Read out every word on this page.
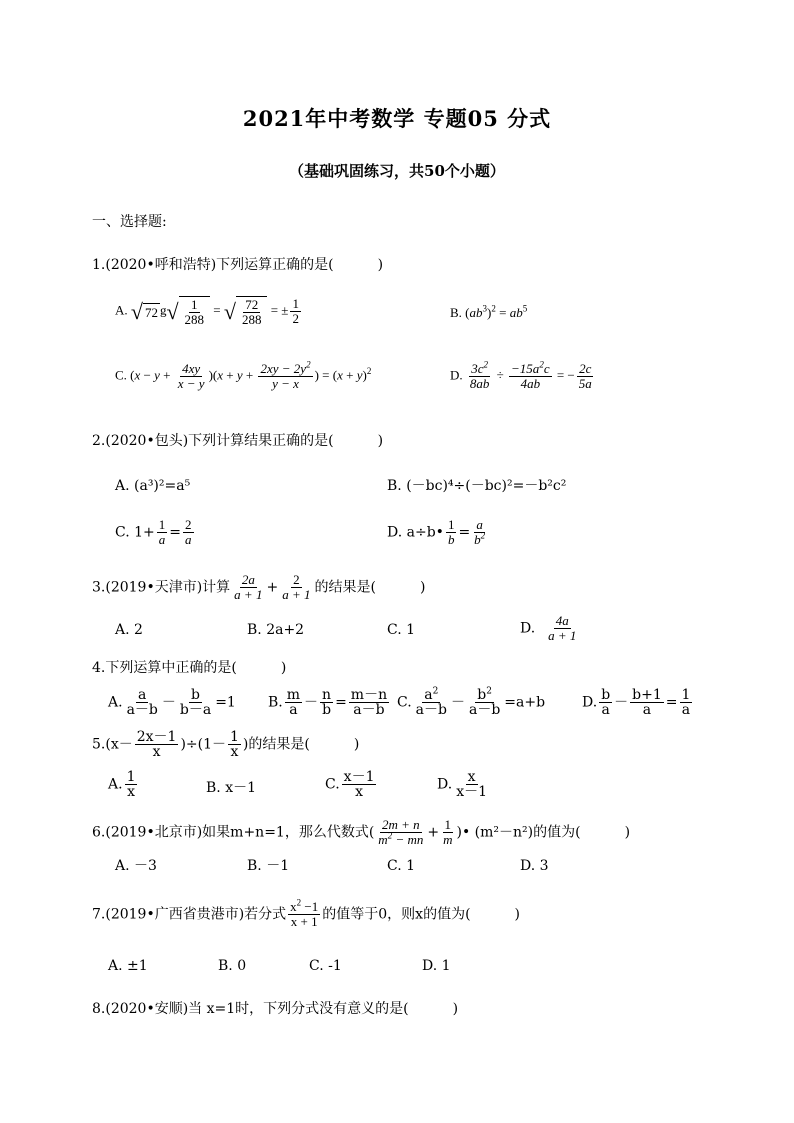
2021年中考数学 专题05 分式
（基础巩固练习，共50个小题）
一、选择题:
1.(2020•呼和浩特)下列运算正确的是(	)
A. √ 72 g √ $\frac{1}{288}$ = √ $\frac{72}{288}$ = ± $\frac{1}{2}$	B. $(ab^3)^2 = ab^5$
C. $(x - y + \frac{4xy}{x - y} )(x + y + \frac{2xy - 2y^2}{y - x}$ ) = $(x + y)^2$	D. $\frac{3c^2}{8ab} \div \frac{-15a^2c}{4ab}$ = − $\frac{2c}{5a}$
2.(2020•包头)下列计算结果正确的是(	)
A. (a³)²=a⁵	B. (－bc)⁴÷(－bc)²=－b²c²
C. $1+ \frac{1}{a} = \frac{2}{a}$	D. a÷b• $\frac{1}{b} = \frac{a}{b^2}$
3.(2019•天津市)计算 $\frac{2a}{a + 1} + \frac{2}{a + 1}$ 的结果是(	)
A. 2	B. 2a+2	C. 1	D. $\frac{4a}{a + 1}$
4.下列运算中正确的是(	)
A. $\frac{a}{a-b} - \frac{b}{b-a} =1$ B. $\frac{m}{a} - \frac{n}{b} = \frac{m-n}{a-b} C$. $\frac{a^2}{a-b} - \frac{b^2}{a-b} =a+b$	D. $\frac{b}{a} - \frac{b+1}{a} = \frac{1}{a}$
$5.(x- \frac{2x-1}{x} )\div(1- \frac{1}{x}$ )的结果是(	)
A. $\frac{1}{x}$	B. x－1	C. $\frac{x-1}{x}$	D. $\frac{x}{x-1}$
6.(2019•北京市)如果m+n=1，那么代数式( $\frac{2m + n}{m^2 - mn} + \frac{1}{m}$ )• (m²－n²)的值为(	)
A. －3	B. －1	C. 1	D. 3
7.(2019•广西省贵港市)若分式 $\frac{x^2 -1}{x + 1}$ 的值等于0，则x的值为(	)
A. ±1	B. 0	C. -1	D. 1
8.(2020•安顺)当 x=1时，下列分式没有意义的是(	)
